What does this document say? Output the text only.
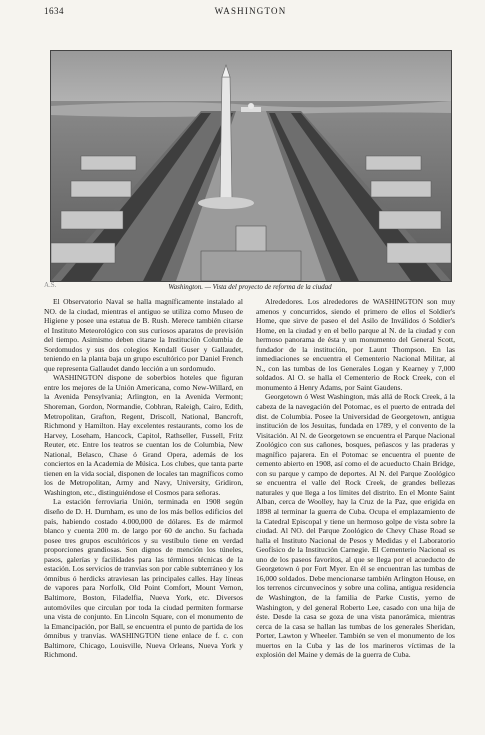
1634	WASHINGTON
A.S.	Washington. — Vista del proyecto de reforma de la ciudad

El Observatorio Naval se halla magníficamente instalado al NO. de la ciudad, mientras el antiguo se utiliza como Museo de Higiene y posee una estatua de B. Rush. Merece también citarse el Instituto Meteorológico con sus curiosos aparatos de previsión del tiempo. Asimismo deben citarse la Institución Columbia de Sordomudos y sus dos colegios Kendall Guser y Gallaudet, teniendo en la planta baja un grupo escultórico por Daniel French que representa Gallaudet dando lección a un sordomudo.

WASHINGTON dispone de soberbios hoteles que figuran entre los mejores de la Unión Americana, como New-Willard, en la Avenida Pensylvania; Arlington, en la Avenida Vermont; Shoreman, Gordon, Normandie, Cobhran, Raleigh, Cairo, Edith, Metropolitan, Grafton, Regent, Driscoll, National, Bancroft, Richmond y Hamilton. Hay excelentes restaurants, como los de Harvey, Loseham, Hancock, Capitol, Rathseller, Fussell, Fritz Reuter, etc. Entre los teatros se cuentan los de Columbia, New National, Belasco, Chase ó Grand Opera, además de los conciertos en la Academia de Música. Los clubes, que tanta parte tienen en la vida social, disponen de locales tan magníficos como los de Metropolitan, Army and Navy, University, Gridiron, Washington, etc., distinguiéndose el Cosmos para señoras.

La estación ferroviaria Unión, terminada en 1908 según diseño de D. H. Durnham, es uno de los más bellos edificios del país, habiendo costado 4.000,000 de dólares. Es de mármol blanco y cuenta 200 m. de largo por 60 de ancho. Su fachada posee tres grupos escultóricos y su vestíbulo tiene en verdad proporciones grandiosas. Son dignos de mención los túneles, pasos, galerías y facilidades para las términos técnicas de la estación. Los servicios de tranvías son por cable subterráneo y los ómnibus ó herdicks atraviesan las principales calles. Hay líneas de vapores para Norfolk, Old Point Comfort, Mount Vernon, Baltimore, Boston, Filadelfia, Nueva York, etc. Diversos automóviles que circulan por toda la ciudad permiten formarse una vista de conjunto. En Lincoln Square, con el monumento de la Emancipación, por Ball, se encuentra el punto de partida de los ómnibus y tranvías. WASHINGTON tiene enlace de f. c. con Baltimore, Chicago, Louisville, Nueva Orleans, Nueva York y Richmond.

Alrededores. Los alrededores de WASHINGTON son muy amenos y concurridos, siendo el primero de ellos el Soldier's Home, que sirve de paseo el del Asilo de Inválidos ó Soldier's Home, en la ciudad y en el bello parque al N. de la ciudad y con hermoso panorama de ésta y un monumento del General Scott, fundador de la institución, por Launt Thompson. En las inmediaciones se encuentra el Cementerio Nacional Militar, al N., con las tumbas de los Generales Logan y Kearney y 7,000 soldados. Al O. se halla el Cementerio de Rock Creek, con el monumento á Henry Adams, por Saint Gaudens.

Georgetown ó West Washington, más allá de Rock Creek, á la cabeza de la navegación del Potomac, es el puerto de entrada del dist. de Columbia. Posee la Universidad de Georgetown, antigua institución de los Jesuitas, fundada en 1789, y el convento de la Visitación. Al N. de Georgetown se encuentra el Parque Nacional Zoológico con sus cañones, bosques, peñascos y las praderas y magnífico pajarera. En el Potomac se encuentra el puente de cemento abierto en 1908, así como el de acueducto Chain Bridge, con su parque y campo de deportes. Al N. del Parque Zoológico se encuentra el valle del Rock Creek, de grandes bellezas naturales y que llega a los límites del distrito. En el Monte Saint Alban, cerca de Woolley, hay la Cruz de la Paz, que erigida en 1898 al terminar la guerra de Cuba. Ocupa el emplazamiento de la Catedral Episcopal y tiene un hermoso golpe de vista sobre la ciudad. Al NO. del Parque Zoológico de Chevy Chase Road se halla el Instituto Nacional de Pesos y Medidas y el Laboratorio Geofísico de la Institución Carnegie. El Cementerio Nacional es uno de los paseos favoritos, al que se llega por el acueducto de Georgetown ó por Fort Myer. En él se encuentran las tumbas de 16,000 soldados. Debe mencionarse también Arlington House, en los terrenos circunvecinos y sobre una colina, antigua residencia de Washington, de la familia de Parke Custis, yerno de Washington, y del general Roberto Lee, casado con una hija de éste. Desde la casa se goza de una vista panorámica, mientras cerca de la casa se hallan las tumbas de los generales Sheridan, Porter, Lawton y Wheeler. También se ven el monumento de los muertos en la Cuba y las de los marineros víctimas de la explosión del Maine y demás de la guerra de Cuba.
